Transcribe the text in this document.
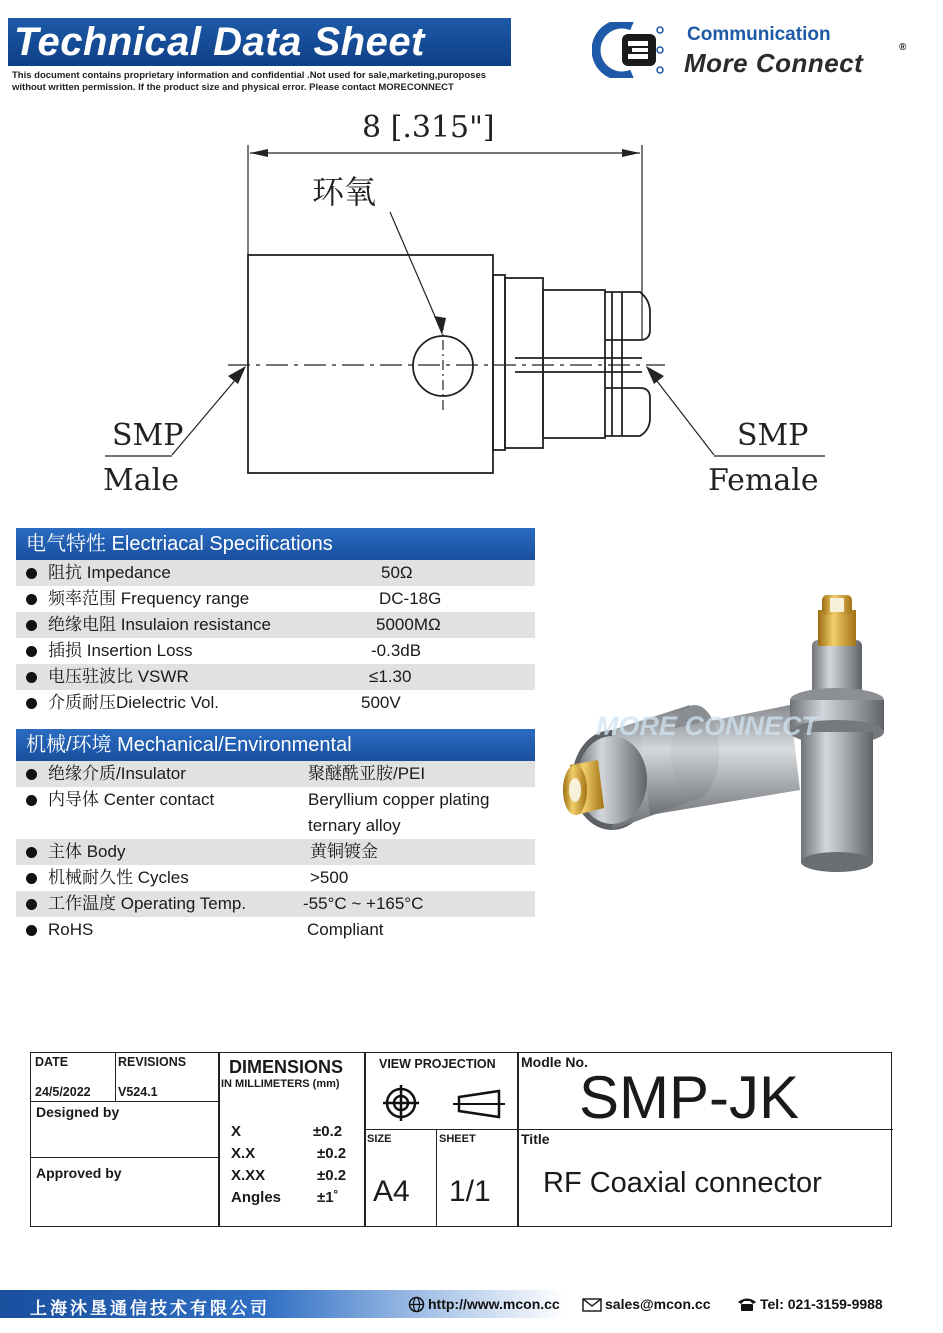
Technical Data Sheet
This document contains proprietary information and confidential .Not used for sale,marketing,puroposes
without written permission. If the product size and physical error. Please contact MORECONNECT
Communication
More Connect
®
8 [.315"]
环氧
SMP
Male
SMP
Female
电气特性 Electriacal Specifications
阻抗 Impedance	50Ω
频率范围 Frequency range	DC-18G
绝缘电阻 Insulaion resistance	5000MΩ
插损 Insertion Loss	-0.3dB
电压驻波比 VSWR	≤1.30
介质耐压Dielectric Vol.	500V
机械/环境 Mechanical/Environmental
绝缘介质/Insulator	聚醚酰亚胺/PEI
内导体 Center contact	Beryllium copper plating
ternary alloy
主体 Body	黄铜镀金
机械耐久性 Cycles	>500
工作温度 Operating Temp.	-55°C ~ +165°C
RoHS	Compliant
MORE CONNECT
DATE
24/5/2022
REVISIONS
V524.1
Designed by
Approved by
DIMENSIONS
IN MILLIMETERS (mm)
X	±0.2
X.X	±0.2
X.XX	±0.2
Angles ±1˚
VIEW PROJECTION
SIZE
A4
SHEET
1/1
Modle No.
SMP-JK
Title
RF Coaxial connector
上海沐垦通信技术有限公司	http://www.mcon.cc	sales@mcon.cc	Tel: 021-3159-9988
